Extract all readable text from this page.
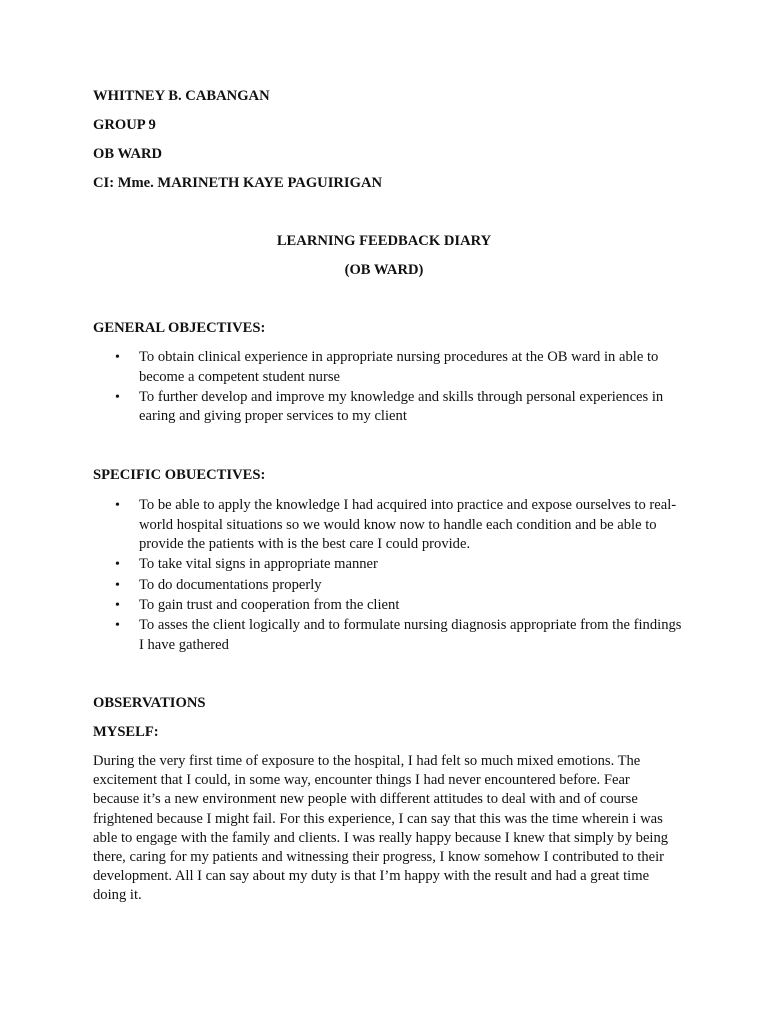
WHITNEY B. CABANGAN

GROUP 9

OB WARD

CI: Mme. MARINETH KAYE PAGUIRIGAN

LEARNING FEEDBACK DIARY

(OB WARD)

GENERAL OBJECTIVES:

• To obtain clinical experience in appropriate nursing procedures at the OB ward in able to become a competent student nurse
• To further develop and improve my knowledge and skills through personal experiences in earing and giving proper services to my client

SPECIFIC OBUECTIVES:

• To be able to apply the knowledge I had acquired into practice and expose ourselves to real-world hospital situations so we would know now to handle each condition and be able to provide the patients with is the best care I could provide.
• To take vital signs in appropriate manner
• To do documentations properly
• To gain trust and cooperation from the client
• To asses the client logically and to formulate nursing diagnosis appropriate from the findings I have gathered

OBSERVATIONS

MYSELF:

During the very first time of exposure to the hospital, I had felt so much mixed emotions. The excitement that I could, in some way, encounter things I had never encountered before. Fear because it’s a new environment new people with different attitudes to deal with and of course frightened because I might fail. For this experience, I can say that this was the time wherein i was able to engage with the family and clients. I was really happy because I knew that simply by being there, caring for my patients and witnessing their progress, I know somehow I contributed to their development. All I can say about my duty is that I’m happy with the result and had a great time doing it.
